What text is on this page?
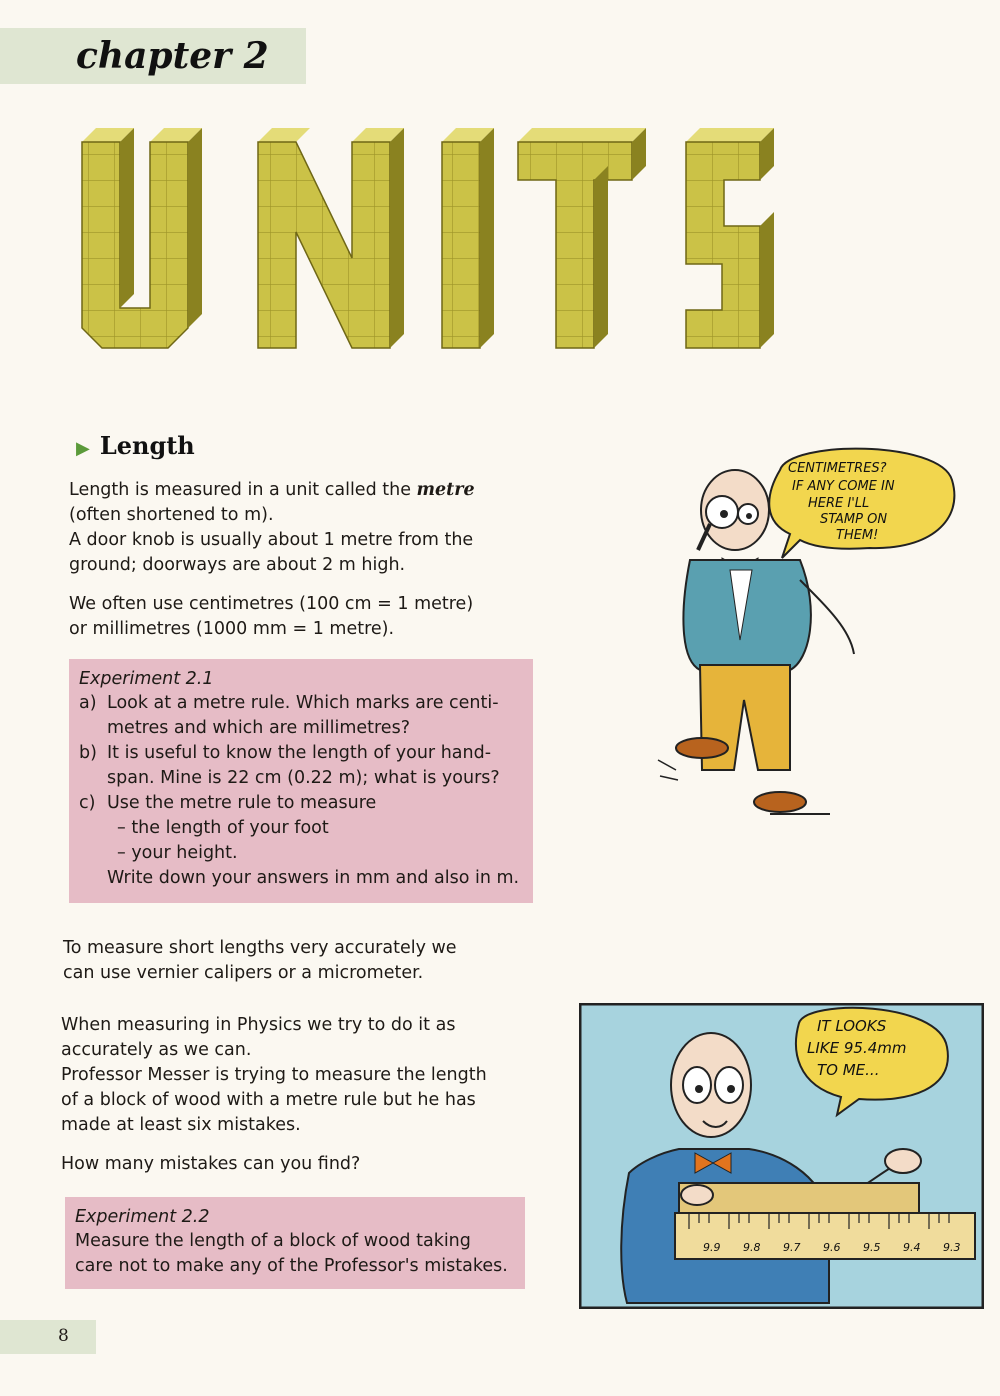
chapter 2
▶ Length

Length is measured in a unit called the metre
(often shortened to m).
A door knob is usually about 1 metre from the
ground; doorways are about 2 m high.

We often use centimetres (100 cm = 1 metre)
or millimetres (1000 mm = 1 metre).

Experiment 2.1
a) Look at a metre rule. Which marks are centi-
metres and which are millimetres?
b) It is useful to know the length of your hand-
span. Mine is 22 cm (0.22 m); what is yours?
c) Use the metre rule to measure
– the length of your foot
– your height.
Write down your answers in mm and also in m.

To measure short lengths very accurately we
can use vernier calipers or a micrometer.

When measuring in Physics we try to do it as
accurately as we can.
Professor Messer is trying to measure the length
of a block of wood with a metre rule but he has
made at least six mistakes.

How many mistakes can you find?

Experiment 2.2
Measure the length of a block of wood taking
care not to make any of the Professor's mistakes.
CENTIMETRES?
IF ANY COME IN
HERE I'LL
STAMP ON
THEM!
IT LOOKS
LIKE 95.4mm
TO ME...
9.9 9.8 9.7 9.6 9.5 9.4 9.3
8
